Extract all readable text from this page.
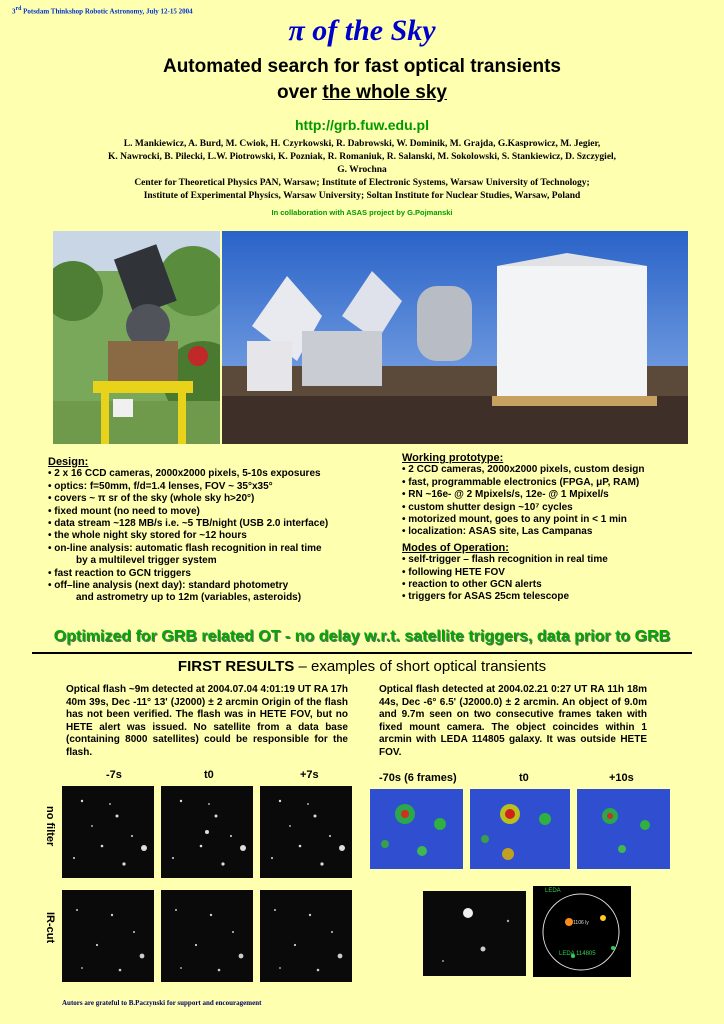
3rd Potsdam Thinkshop Robotic Astronomy, July 12-15 2004
π of the Sky
Automated search for fast optical transients
over the whole sky
http://grb.fuw.edu.pl
L. Mankiewicz, A. Burd, M. Cwiok, H. Czyrkowski, R. Dabrowski, W. Dominik, M. Grajda, G.Kasprowicz, M. Jegier,
K. Nawrocki, B. Pilecki, L.W. Piotrowski, K. Pozniak, R. Romaniuk, R. Salanski, M. Sokolowski, S. Stankiewicz, D. Szczygiel,
G. Wrochna
Center for Theoretical Physics PAN, Warsaw; Institute of Electronic Systems, Warsaw University of Technology;
Institute of Experimental Physics, Warsaw University; Soltan Institute for Nuclear Studies, Warsaw, Poland
In collaboration with ASAS project by G.Pojmanski
Design:
• 2 x 16 CCD cameras, 2000x2000 pixels, 5-10s exposures
• optics: f=50mm, f/d=1.4 lenses, FOV ~ 35°x35°
• covers ~ π sr of the sky (whole sky h>20°)
• fixed mount (no need to move)
• data stream ~128 MB/s i.e. ~5 TB/night (USB 2.0 interface)
• the whole night sky stored for ~12 hours
• on-line analysis: automatic flash recognition in real time
by a multilevel trigger system
• fast reaction to GCN triggers
• off–line analysis (next day): standard photometry
and astrometry up to 12m (variables, asteroids)
Working prototype:
• 2 CCD cameras, 2000x2000 pixels, custom design
• fast, programmable electronics (FPGA, μP, RAM)
• RN ~16e- @ 2 Mpixels/s, 12e- @ 1 Mpixel/s
• custom shutter design ~10⁷ cycles
• motorized mount, goes to any point in < 1 min
• localization: ASAS site, Las Campanas
Modes of Operation:
• self-trigger – flash recognition in real time
• following HETE FOV
• reaction to other GCN alerts
• triggers for ASAS 25cm telescope
Optimized for GRB related OT - no delay w.r.t. satellite triggers, data prior to GRB
FIRST RESULTS – examples of short optical transients
Optical flash ~9m detected at 2004.07.04 4:01:19 UT RA 17h 40m 39s, Dec -11° 13' (J2000) ± 2 arcmin Origin of the flash has not been verified. The flash was in HETE FOV, but no HETE alert was issued. No satellite from a data base (containing 8000 satellites) could be responsible for the flash.
Optical flash detected at 2004.02.21 0:27 UT RA 11h 18m 44s, Dec -6° 6.5' (J2000.0) ± 2 arcmin. An object of 9.0m and 9.7m seen on two consecutive frames taken with fixed mount camera. The object coincides within 1 arcmin with LEDA 114805 galaxy. It was outside HETE FOV.
-7s	t0	+7s	-70s (6 frames)	t0	+10s
no filter
IR-cut
LEDA
LEDA 114805
1106 ly
Autors are grateful to B.Paczynski for support and encouragement
